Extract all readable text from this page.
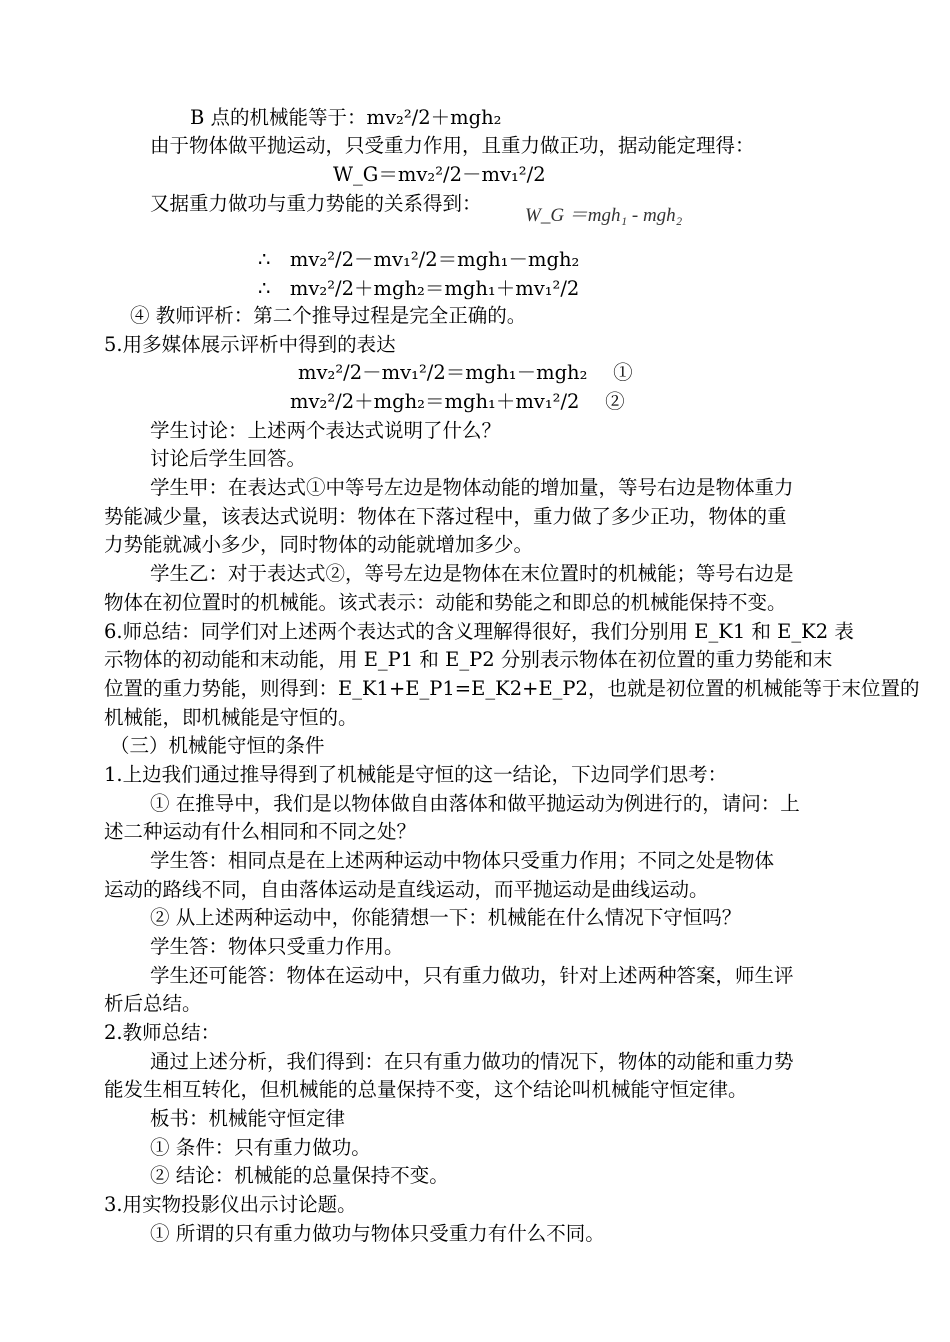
B 点的机械能等于：mv₂²/2＋mgh₂

由于物体做平抛运动，只受重力作用，且重力做正功，据动能定理得：

W_G＝mv₂²/2－mv₁²/2

又据重力做功与重力势能的关系得到：

W_G ＝mgh₁ - mgh₂

∴　mv₂²/2－mv₁²/2＝mgh₁－mgh₂

∴　mv₂²/2＋mgh₂＝mgh₁＋mv₁²/2

④ 教师评析：第二个推导过程是完全正确的。

5.用多媒体展示评析中得到的表达

mv₂²/2－mv₁²/2＝mgh₁－mgh₂　 ①

mv₂²/2＋mgh₂＝mgh₁＋mv₁²/2　 ②

学生讨论：上述两个表达式说明了什么？

讨论后学生回答。

学生甲：在表达式①中等号左边是物体动能的增加量，等号右边是物体重力

势能减少量，该表达式说明：物体在下落过程中，重力做了多少正功，物体的重

力势能就减小多少，同时物体的动能就增加多少。

学生乙：对于表达式②，等号左边是物体在末位置时的机械能；等号右边是

物体在初位置时的机械能。该式表示：动能和势能之和即总的机械能保持不变。

6.师总结：同学们对上述两个表达式的含义理解得很好，我们分别用 E_K1 和 E_K2 表

示物体的初动能和末动能，用 E_P1 和 E_P2 分别表示物体在初位置的重力势能和末

位置的重力势能，则得到：E_K1+E_P1=E_K2+E_P2，也就是初位置的机械能等于末位置的

机械能，即机械能是守恒的。

（三）机械能守恒的条件

1.上边我们通过推导得到了机械能是守恒的这一结论，下边同学们思考：

① 在推导中，我们是以物体做自由落体和做平抛运动为例进行的，请问：上

述二种运动有什么相同和不同之处？

学生答：相同点是在上述两种运动中物体只受重力作用；不同之处是物体

运动的路线不同，自由落体运动是直线运动，而平抛运动是曲线运动。

② 从上述两种运动中，你能猜想一下：机械能在什么情况下守恒吗？

学生答：物体只受重力作用。

学生还可能答：物体在运动中，只有重力做功，针对上述两种答案，师生评

析后总结。

2.教师总结：

通过上述分析，我们得到：在只有重力做功的情况下，物体的动能和重力势

能发生相互转化，但机械能的总量保持不变，这个结论叫机械能守恒定律。

板书：机械能守恒定律

① 条件：只有重力做功。

② 结论：机械能的总量保持不变。

3.用实物投影仪出示讨论题。

① 所谓的只有重力做功与物体只受重力有什么不同。
